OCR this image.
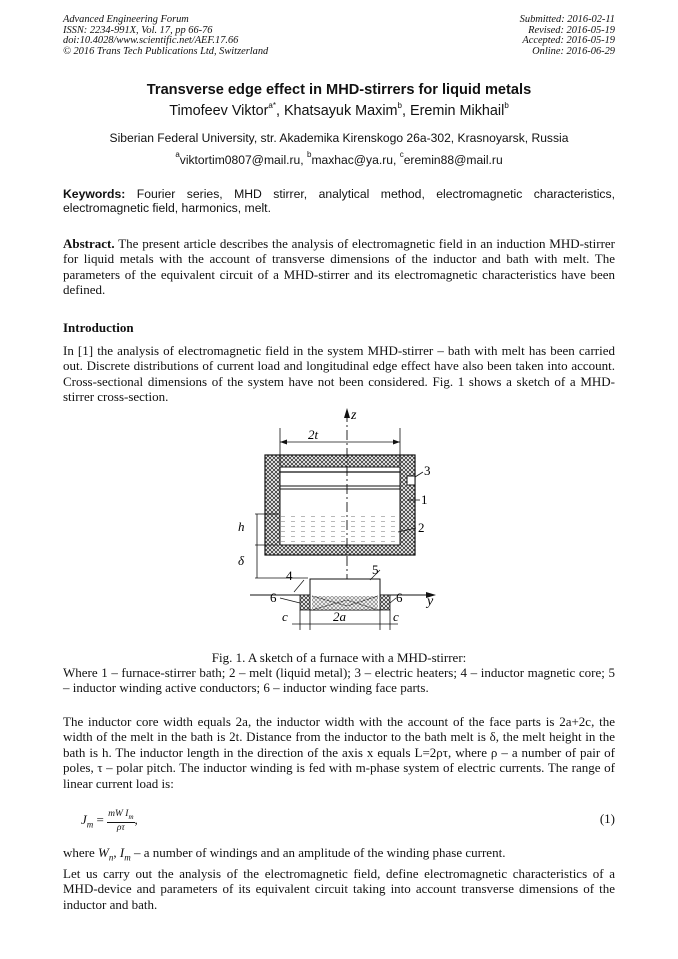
Advanced Engineering Forum
ISSN: 2234-991X, Vol. 17, pp 66-76
doi:10.4028/www.scientific.net/AEF.17.66
© 2016 Trans Tech Publications Ltd, Switzerland
Submitted: 2016-02-11
Revised: 2016-05-19
Accepted: 2016-05-19
Online: 2016-06-29
Transverse edge effect in MHD-stirrers for liquid metals
Timofeev Viktor$^{a*}$, Khatsayuk Maxim$^b$, Eremin Mikhail$^b$
Siberian Federal University, str. Akademika Kirenskogo 26a-302, Krasnoyarsk, Russia
$^a$viktortim0807@mail.ru, $^b$maxhac@ya.ru, $^c$eremin88@mail.ru
Keywords: Fourier series, MHD stirrer, analytical method, electromagnetic characteristics, electromagnetic field, harmonics, melt.
Abstract. The present article describes the analysis of electromagnetic field in an induction MHD-stirrer for liquid metals with the account of transverse dimensions of the inductor and bath with melt. The parameters of the equivalent circuit of a MHD-stirrer and its electromagnetic characteristics have been defined.
Introduction
In [1] the analysis of electromagnetic field in the system MHD-stirrer – bath with melt has been carried out. Discrete distributions of current load and longitudinal edge effect have also been taken into account. Cross-sectional dimensions of the system have not been considered. Fig. 1 shows a sketch of a MHD-stirrer cross-section.
z
2t
h
δ
y
4	5
6	6
c	2a	c
3
1
2
Fig. 1. A sketch of a furnace with a MHD-stirrer:
Where 1 – furnace-stirrer bath; 2 – melt (liquid metal); 3 – electric heaters; 4 – inductor magnetic core; 5 – inductor winding active conductors; 6 – inductor winding face parts.
The inductor core width equals 2a, the inductor width with the account of the face parts is 2a+2c, the width of the melt in the bath is 2t. Distance from the inductor to the bath melt is δ, the melt height in the bath is h. The inductor length in the direction of the axis x equals L=2ρτ, where ρ – a number of pair of poles, τ – polar pitch. The inductor winding is fed with m-phase system of electric currents. The range of linear current load is:
$J_m = \frac{mW I_m}{\rho\tau}$ ,	(1)
where $W_n$, $I_m$ – a number of windings and an amplitude of the winding phase current.
Let us carry out the analysis of the electromagnetic field, define electromagnetic characteristics of a MHD-device and parameters of its equivalent circuit taking into account transverse dimensions of the inductor and bath.
